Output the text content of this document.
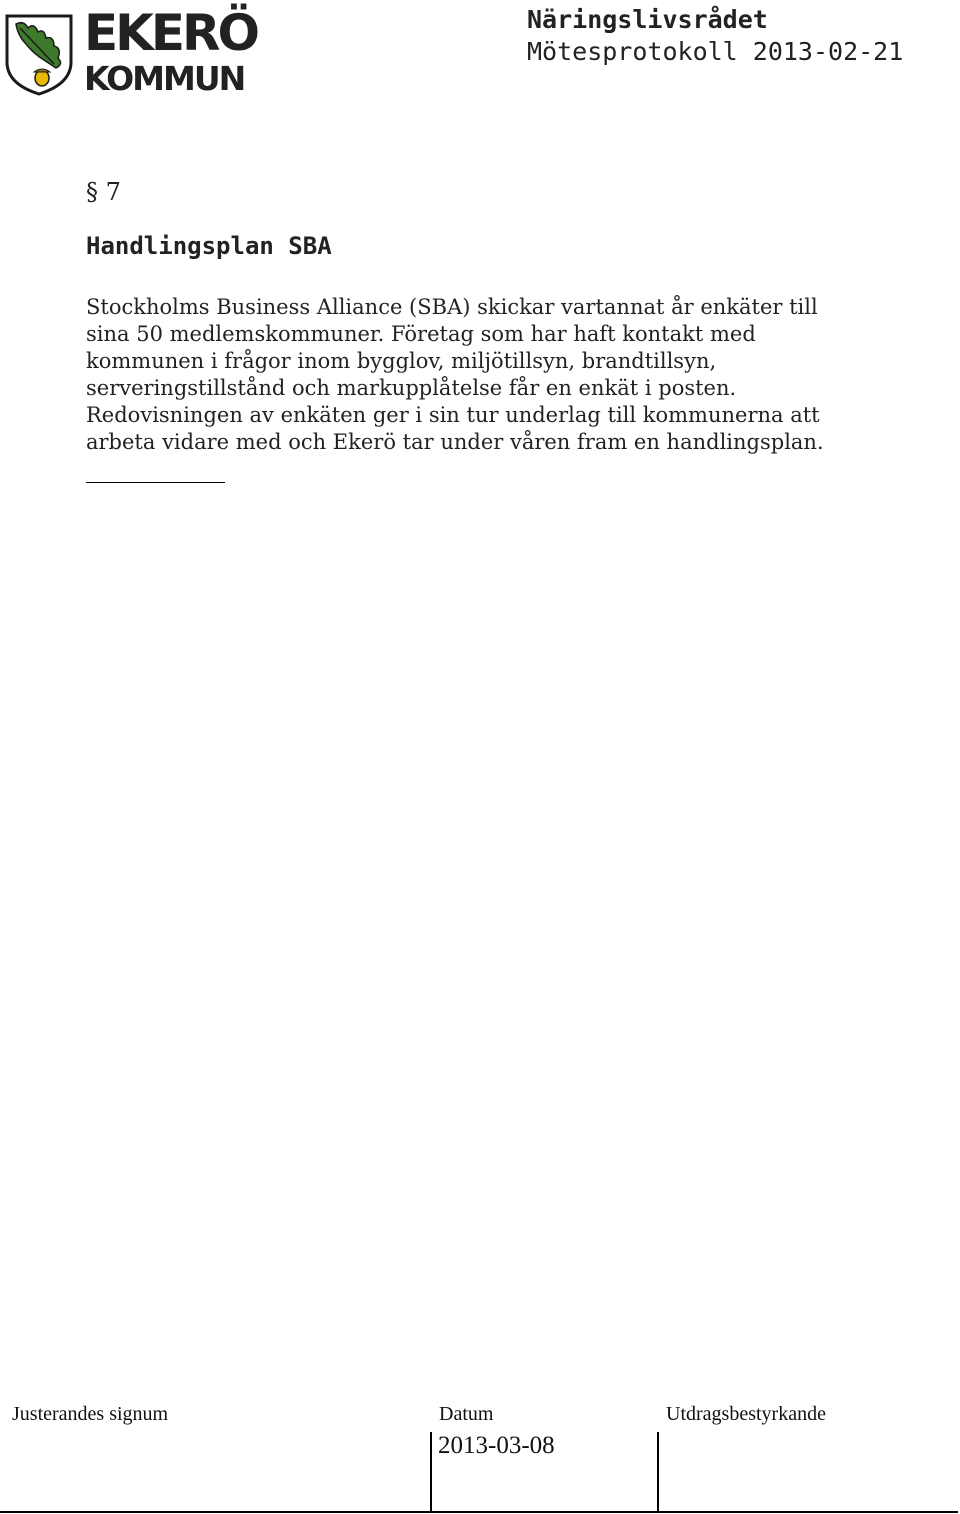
EKERÖ
KOMMUN
Näringslivsrådet
Mötesprotokoll 2013-02-21
§ 7
Handlingsplan SBA

Stockholms Business Alliance (SBA) skickar vartannat år enkäter till

sina 50 medlemskommuner. Företag som har haft kontakt med

kommunen i frågor inom bygglov, miljötillsyn, brandtillsyn,

serveringstillstånd och markupplåtelse får en enkät i posten.

Redovisningen av enkäten ger i sin tur underlag till kommunerna att

arbeta vidare med och Ekerö tar under våren fram en handlingsplan.

Justerandes signum	Datum	Utdragsbestyrkande
2013-03-08
